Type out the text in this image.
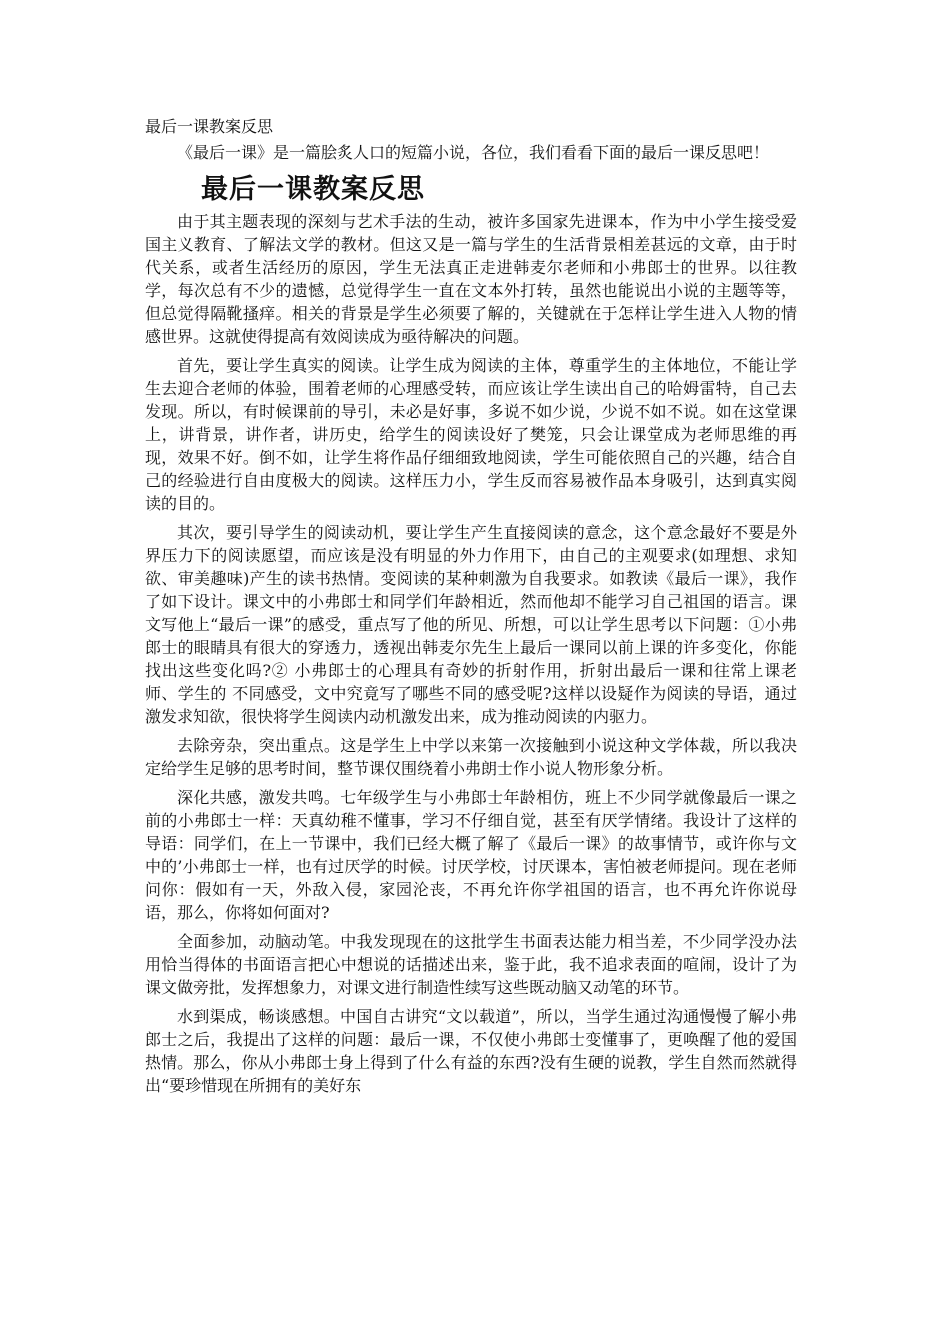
最后一课教案反思

《最后一课》是一篇脍炙人口的短篇小说，各位，我们看看下面的最后一课反思吧！

最后一课教案反思

由于其主题表现的深刻与艺术手法的生动，被许多国家先进课本，作为中小学生接受爱国主义教育、了解法文学的教材。但这又是一篇与学生的生活背景相差甚远的文章，由于时代关系，或者生活经历的原因，学生无法真正走进韩麦尔老师和小弗郎士的世界。以往教学，每次总有不少的遗憾，总觉得学生一直在文本外打转，虽然也能说出小说的主题等等，但总觉得隔靴搔痒。相关的背景是学生必须要了解的，关键就在于怎样让学生进入人物的情感世界。这就使得提高有效阅读成为亟待解决的问题。

首先，要让学生真实的阅读。让学生成为阅读的主体，尊重学生的主体地位，不能让学生去迎合老师的体验，围着老师的心理感受转，而应该让学生读出自己的哈姆雷特，自己去发现。所以，有时候课前的导引，未必是好事，多说不如少说，少说不如不说。如在这堂课上，讲背景，讲作者，讲历史，给学生的阅读设好了樊笼，只会让课堂成为老师思维的再现，效果不好。倒不如，让学生将作品仔细细致地阅读，学生可能依照自己的兴趣，结合自己的经验进行自由度极大的阅读。这样压力小，学生反而容易被作品本身吸引，达到真实阅读的目的。

其次，要引导学生的阅读动机，要让学生产生直接阅读的意念，这个意念最好不要是外界压力下的阅读愿望，而应该是没有明显的外力作用下，由自己的主观要求(如理想、求知欲、审美趣味)产生的读书热情。变阅读的某种刺激为自我要求。如教读《最后一课》，我作了如下设计。课文中的小弗郎士和同学们年龄相近，然而他却不能学习自己祖国的语言。课文写他上“最后一课”的感受，重点写了他的所见、所想，可以让学生思考以下问题：①小弗郎士的眼睛具有很大的穿透力，透视出韩麦尔先生上最后一课同以前上课的许多变化，你能找出这些变化吗?② 小弗郎士的心理具有奇妙的折射作用，折射出最后一课和往常上课老师、学生的 不同感受，文中究竟写了哪些不同的感受呢?这样以设疑作为阅读的导语，通过激发求知欲，很快将学生阅读内动机激发出来，成为推动阅读的内驱力。

去除旁杂，突出重点。这是学生上中学以来第一次接触到小说这种文学体裁，所以我决定给学生足够的思考时间，整节课仅围绕着小弗朗士作小说人物形象分析。

深化共感，激发共鸣。七年级学生与小弗郎士年龄相仿，班上不少同学就像最后一课之前的小弗郎士一样：天真幼稚不懂事，学习不仔细自觉，甚至有厌学情绪。我设计了这样的导语：同学们，在上一节课中，我们已经大概了解了《最后一课》的故事情节，或许你与文中的’小弗郎士一样，也有过厌学的时候。讨厌学校，讨厌课本，害怕被老师提问。现在老师问你：假如有一天，外敌入侵，家园沦丧，不再允许你学祖国的语言，也不再允许你说母语，那么，你将如何面对?

全面参加，动脑动笔。中我发现现在的这批学生书面表达能力相当差，不少同学没办法用恰当得体的书面语言把心中想说的话描述出来，鉴于此，我不追求表面的喧闹，设计了为课文做旁批，发挥想象力，对课文进行制造性续写这些既动脑又动笔的环节。

水到渠成，畅谈感想。中国自古讲究“文以载道”，所以，当学生通过沟通慢慢了解小弗郎士之后，我提出了这样的问题：最后一课，不仅使小弗郎士变懂事了，更唤醒了他的爱国热情。那么，你从小弗郎士身上得到了什么有益的东西?没有生硬的说教，学生自然而然就得出“要珍惜现在所拥有的美好东
